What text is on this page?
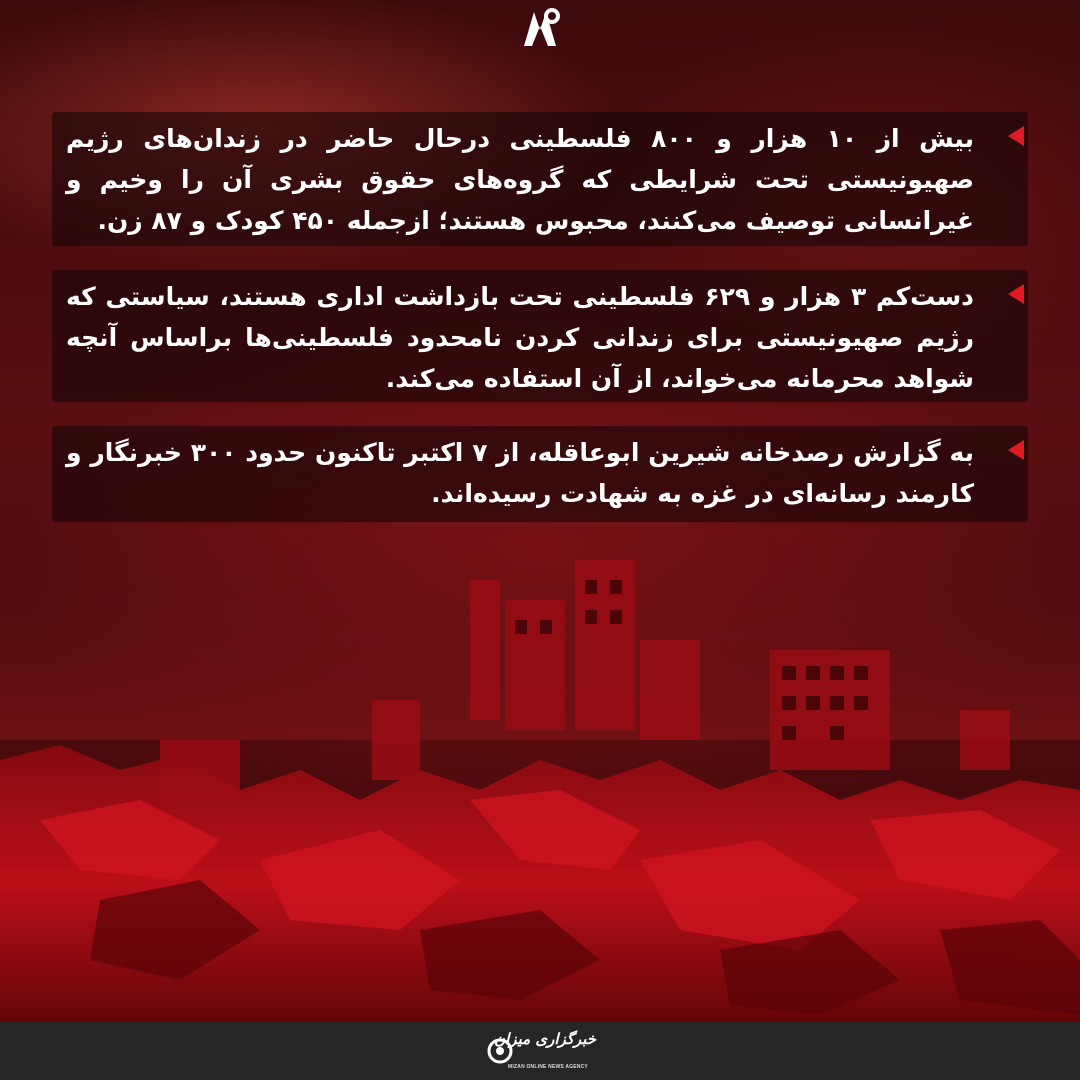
بیش از ۱۰ هزار و ۸۰۰ فلسطینی درحال حاضر در زندان‌های رژیم صهیونیستی تحت شرایطی که گروه‌های حقوق بشری آن را وخیم و غیرانسانی توصیف می‌کنند، محبوس هستند؛ ازجمله ۴۵۰ کودک و ۸۷ زن.

دست‌کم ۳ هزار و ۶۲۹ فلسطینی تحت بازداشت اداری هستند، سیاستی که رژیم صهیونیستی برای زندانی کردن نامحدود فلسطینی‌ها براساس آنچه شواهد محرمانه می‌خواند، از آن استفاده می‌کند.

به گزارش رصدخانه شیرین ابوعاقله، از ۷ اکتبر تاکنون حدود ۳۰۰ خبرنگار و کارمند رسانه‌ای در غزه به شهادت رسیده‌اند.

خبرگزاری میزان
MIZAN ONLINE NEWS AGENCY
